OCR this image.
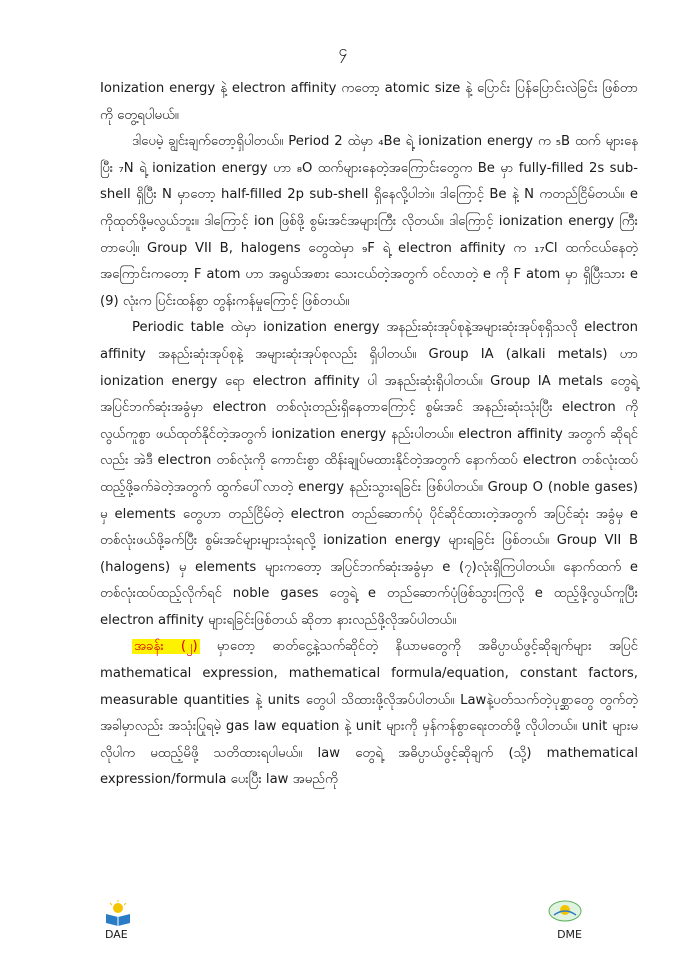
၄

Ionization energy နဲ့ electron affinity ကတော့ atomic size နဲ့ ပြောင်း ပြန်ပြောင်းလဲခြင်း ဖြစ်တာကို တွေ့ရပါမယ်။

ဒါပေမဲ့ ချွင်းချက်တော့ရှိပါတယ်။ Period 2 ထဲမှာ ₄Be ရဲ့ ionization energy က ₅B ထက် များနေပြီး ₇N ရဲ့ ionization energy ဟာ ₈O ထက်များနေတဲ့အကြောင်းတွေက Be မှာ fully-filled 2s sub-shell ရှိပြီး N မှာတော့ half-filled 2p sub-shell ရှိနေလို့ပါဘဲ။ ဒါကြောင့် Be နဲ့ N ကတည်ငြိမ်တယ်။ e ကိုထုတ်ဖို့မလွယ်ဘူး။ ဒါကြောင့် ion ဖြစ်ဖို့ စွမ်းအင်အများကြီး လိုတယ်။ ဒါကြောင့် ionization energy ကြီးတာပေါ့။ Group VII B, halogens တွေထဲမှာ ₉F ရဲ့ electron affinity က ₁₇Cl ထက်ငယ်နေတဲ့အကြောင်းကတော့ F atom ဟာ အရွယ်အစား သေးငယ်တဲ့အတွက် ဝင်လာတဲ့ e ကို F atom မှာ ရှိပြီးသား e (9) လုံးက ပြင်းထန်စွာ တွန်းကန်မှုကြောင့် ဖြစ်တယ်။

Periodic table ထဲမှာ ionization energy အနည်းဆုံးအုပ်စုနဲ့အများဆုံးအုပ်စုရှိသလို electron affinity အနည်းဆုံးအုပ်စုနဲ့ အများဆုံးအုပ်စုလည်း ရှိပါတယ်။ Group IA (alkali metals) ဟာ ionization energy ရော electron affinity ပါ အနည်းဆုံးရှိပါတယ်။ Group IA metals တွေရဲ့ အပြင်ဘက်ဆုံးအခွံမှာ electron တစ်လုံးတည်းရှိနေတာကြောင့် စွမ်းအင် အနည်းဆုံးသုံးပြီး electron ကို လွယ်ကူစွာ ဖယ်ထုတ်နိုင်တဲ့အတွက် ionization energy နည်းပါတယ်။ electron affinity အတွက် ဆိုရင်လည်း အဲဒီ electron တစ်လုံးကို ကောင်းစွာ ထိန်းချုပ်မထားနိုင်တဲ့အတွက် နောက်ထပ် electron တစ်လုံးထပ်ထည့်ဖို့ခက်ခဲတဲ့အတွက် ထွက်ပေါ်လာတဲ့ energy နည်းသွားရခြင်း ဖြစ်ပါတယ်။ Group O (noble gases) မှ elements တွေဟာ တည်ငြိမ်တဲ့ electron တည်ဆောက်ပုံ ပိုင်ဆိုင်ထားတဲ့အတွက် အပြင်ဆုံး အခွံမှ e တစ်လုံးဖယ်ဖို့ခက်ပြီး စွမ်းအင်များများသုံးရလို့ ionization energy များရခြင်း ဖြစ်တယ်။ Group VII B (halogens) မှ elements များကတော့ အပြင်ဘက်ဆုံးအခွံမှာ e (၇)လုံးရှိကြပါတယ်။ နောက်ထက် e တစ်လုံးထပ်ထည့်လိုက်ရင် noble gases တွေရဲ့ e တည်ဆောက်ပုံဖြစ်သွားကြလို့ e ထည့်ဖို့လွယ်ကူပြီး electron affinity များရခြင်းဖြစ်တယ် ဆိုတာ နားလည်ဖို့လိုအပ်ပါတယ်။

အခန်း (၂) မှာတော့ ဓာတ်ငွေ့နဲ့သက်ဆိုင်တဲ့ နိယာမတွေကို အဓိပ္ပာယ်ဖွင့်ဆိုချက်များ အပြင် mathematical expression, mathematical formula/equation, constant factors, measurable quantities နဲ့ units တွေပါ သိထားဖို့လိုအပ်ပါတယ်။ Lawနဲ့ပတ်သက်တဲ့ပုစ္ဆာတွေ တွက်တဲ့အခါမှာလည်း အသုံးပြုရမဲ့ gas law equation နဲ့ unit များကို မှန်ကန်စွာရေးတတ်ဖို့ လိုပါတယ်။ unit များမလိုပါက မထည့်မိဖို့ သတိထားရပါမယ်။ law တွေရဲ့ အဓိပ္ပာယ်ဖွင့်ဆိုချက် (သို့) mathematical expression/formula ပေးပြီး law အမည်ကို

DAE	DME
